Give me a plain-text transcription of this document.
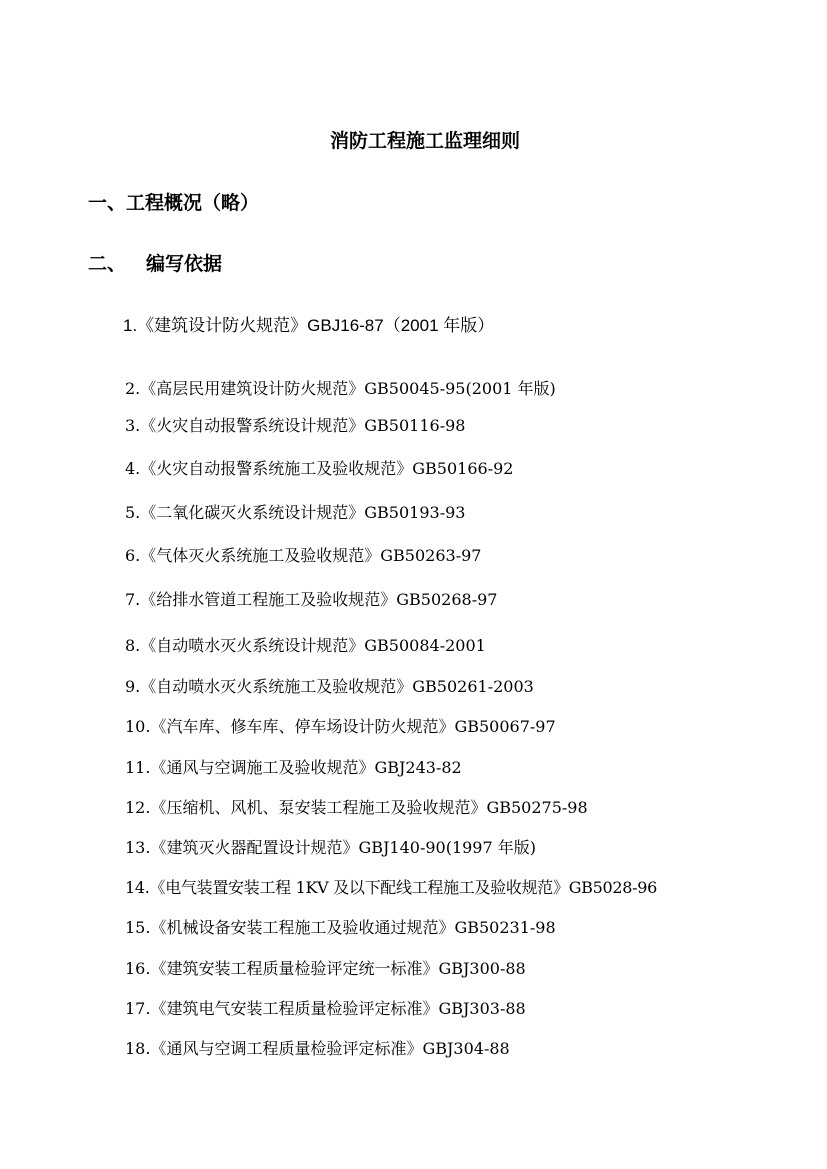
消防工程施工监理细则
一、工程概况（略）
二、 编写依据
1.《建筑设计防火规范》GBJ16-87（2001 年版）
2.《高层民用建筑设计防火规范》GB50045-95(2001 年版)
3.《火灾自动报警系统设计规范》GB50116-98
4.《火灾自动报警系统施工及验收规范》GB50166-92
5.《二氧化碳灭火系统设计规范》GB50193-93
6.《气体灭火系统施工及验收规范》GB50263-97
7.《给排水管道工程施工及验收规范》GB50268-97
8.《自动喷水灭火系统设计规范》GB50084-2001
9.《自动喷水灭火系统施工及验收规范》GB50261-2003
10.《汽车库、修车库、停车场设计防火规范》GB50067-97
11.《通风与空调施工及验收规范》GBJ243-82
12.《压缩机、风机、泵安装工程施工及验收规范》GB50275-98
13.《建筑灭火器配置设计规范》GBJ140-90(1997 年版)
14.《电气装置安装工程 1KV 及以下配线工程施工及验收规范》GB5028-96
15.《机械设备安装工程施工及验收通过规范》GB50231-98
16.《建筑安装工程质量检验评定统一标准》GBJ300-88
17.《建筑电气安装工程质量检验评定标准》GBJ303-88
18.《通风与空调工程质量检验评定标准》GBJ304-88
